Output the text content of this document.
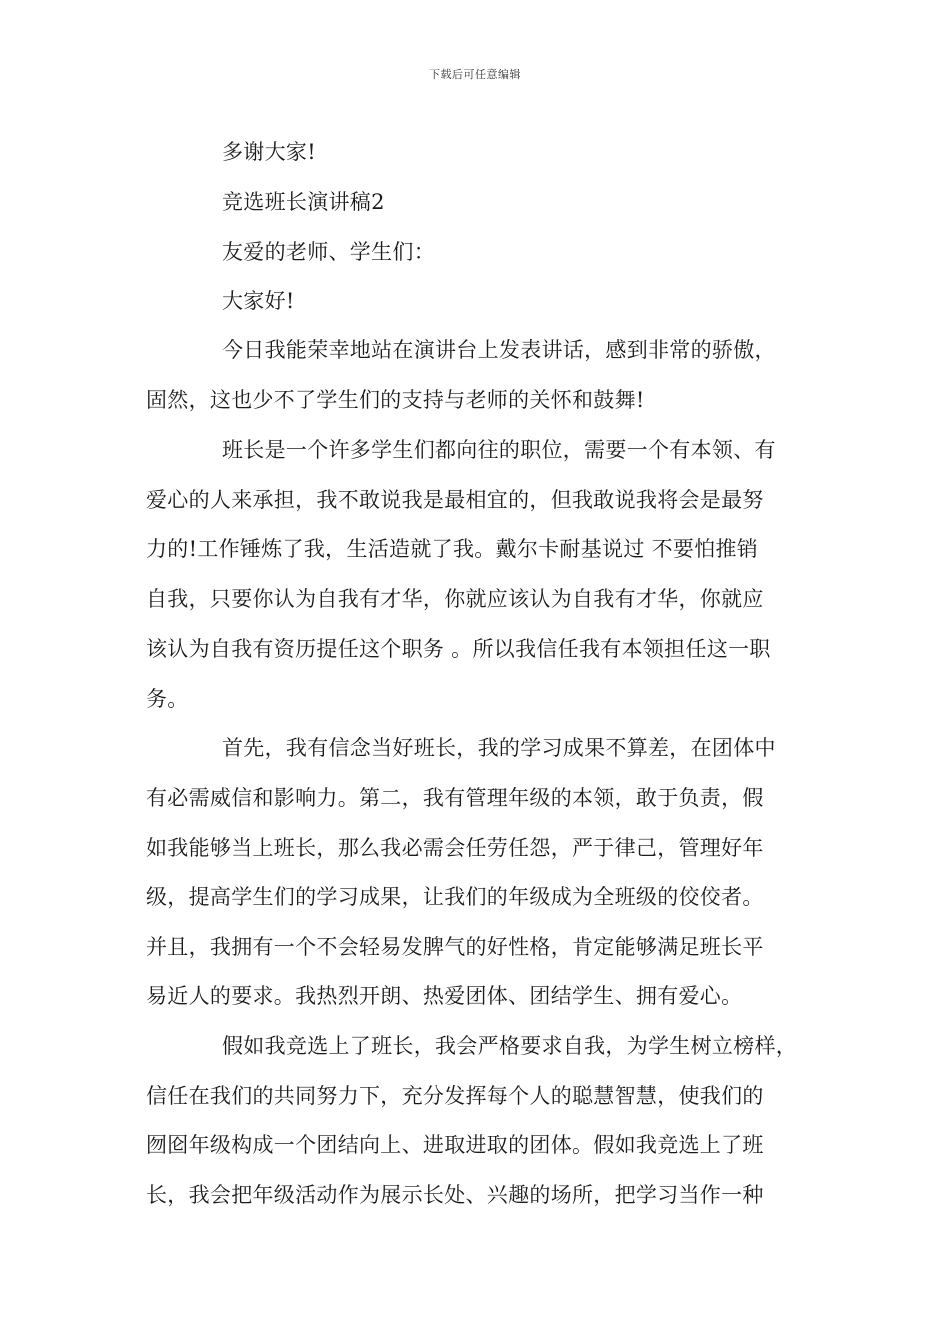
下载后可任意编辑
多谢大家!
竞选班长演讲稿2
友爱的老师、学生们：
大家好!
今日我能荣幸地站在演讲台上发表讲话，感到非常的骄傲，
固然，这也少不了学生们的支持与老师的关怀和鼓舞!
班长是一个许多学生们都向往的职位，需要一个有本领、有
爱心的人来承担，我不敢说我是最相宜的，但我敢说我将会是最努
力的!工作锤炼了我，生活造就了我。戴尔卡耐基说过 不要怕推销
自我，只要你认为自我有才华，你就应该认为自我有才华，你就应
该认为自我有资历提任这个职务 。所以我信任我有本领担任这一职
务。
首先，我有信念当好班长，我的学习成果不算差，在团体中
有必需威信和影响力。第二，我有管理年级的本领，敢于负责，假
如我能够当上班长，那么我必需会任劳任怨，严于律己，管理好年
级，提高学生们的学习成果，让我们的年级成为全班级的佼佼者。
并且，我拥有一个不会轻易发脾气的好性格，肯定能够满足班长平
易近人的要求。我热烈开朗、热爱团体、团结学生、拥有爱心。
假如我竞选上了班长，我会严格要求自我，为学生树立榜样，
信任在我们的共同努力下，充分发挥每个人的聪慧智慧，使我们的
囫囵年级构成一个团结向上、进取进取的团体。假如我竞选上了班
长，我会把年级活动作为展示长处、兴趣的场所，把学习当作一种
